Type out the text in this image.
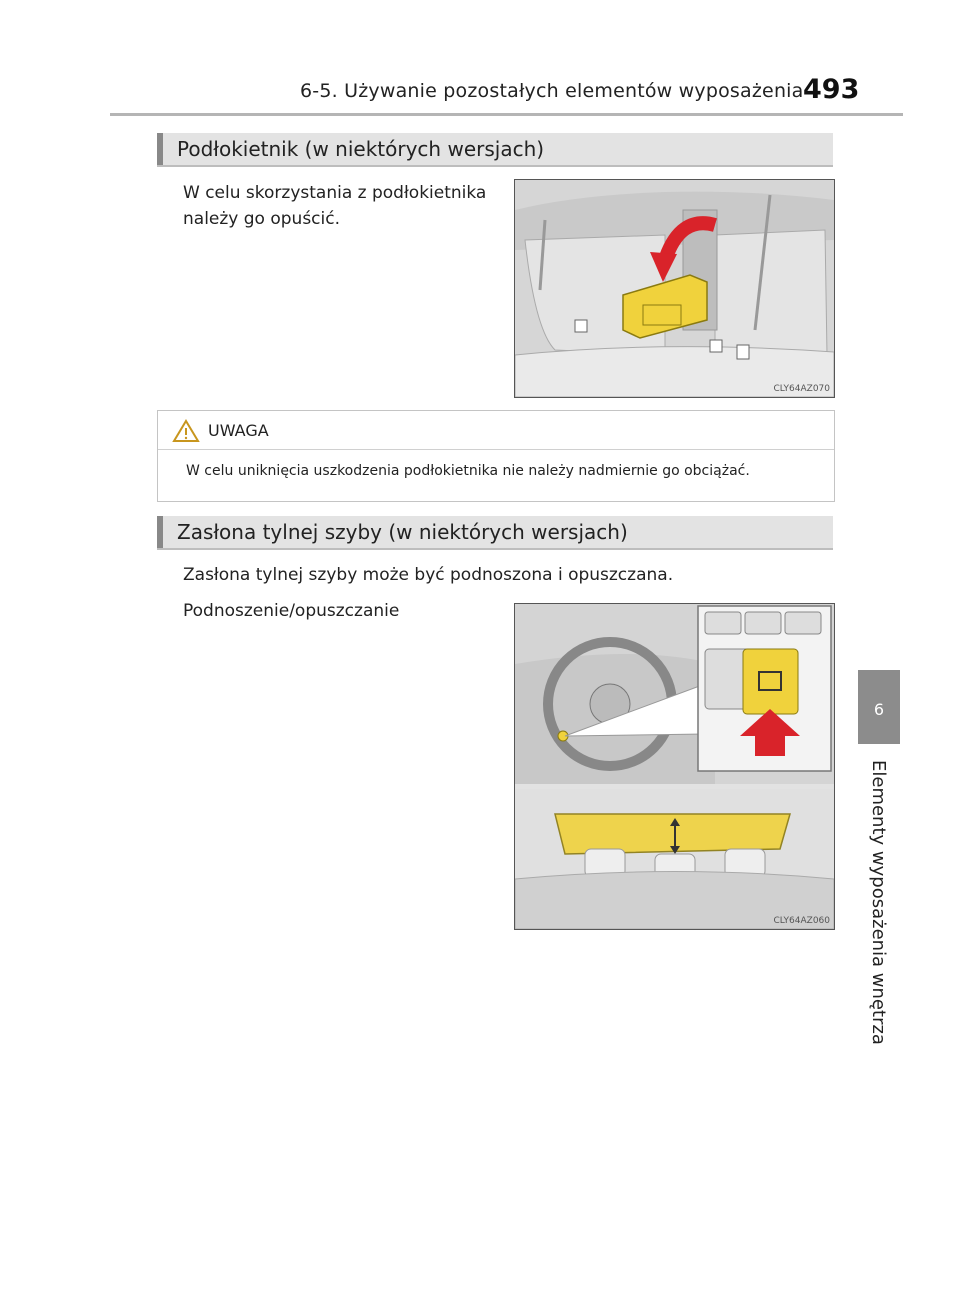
6-5. Używanie pozostałych elementów wyposażenia 493
6
Elementy wyposażenia wnętrza
Podłokietnik (w niektórych wersjach)
W celu skorzystania z podłokietnika
należy go opuścić.
CLY64AZ070
UWAGA
W celu uniknięcia uszkodzenia podłokietnika nie należy nadmiernie go obciążać.
Zasłona tylnej szyby (w niektórych wersjach)
Zasłona tylnej szyby może być podnoszona i opuszczana.
Podnoszenie/opuszczanie
CLY64AZ060
